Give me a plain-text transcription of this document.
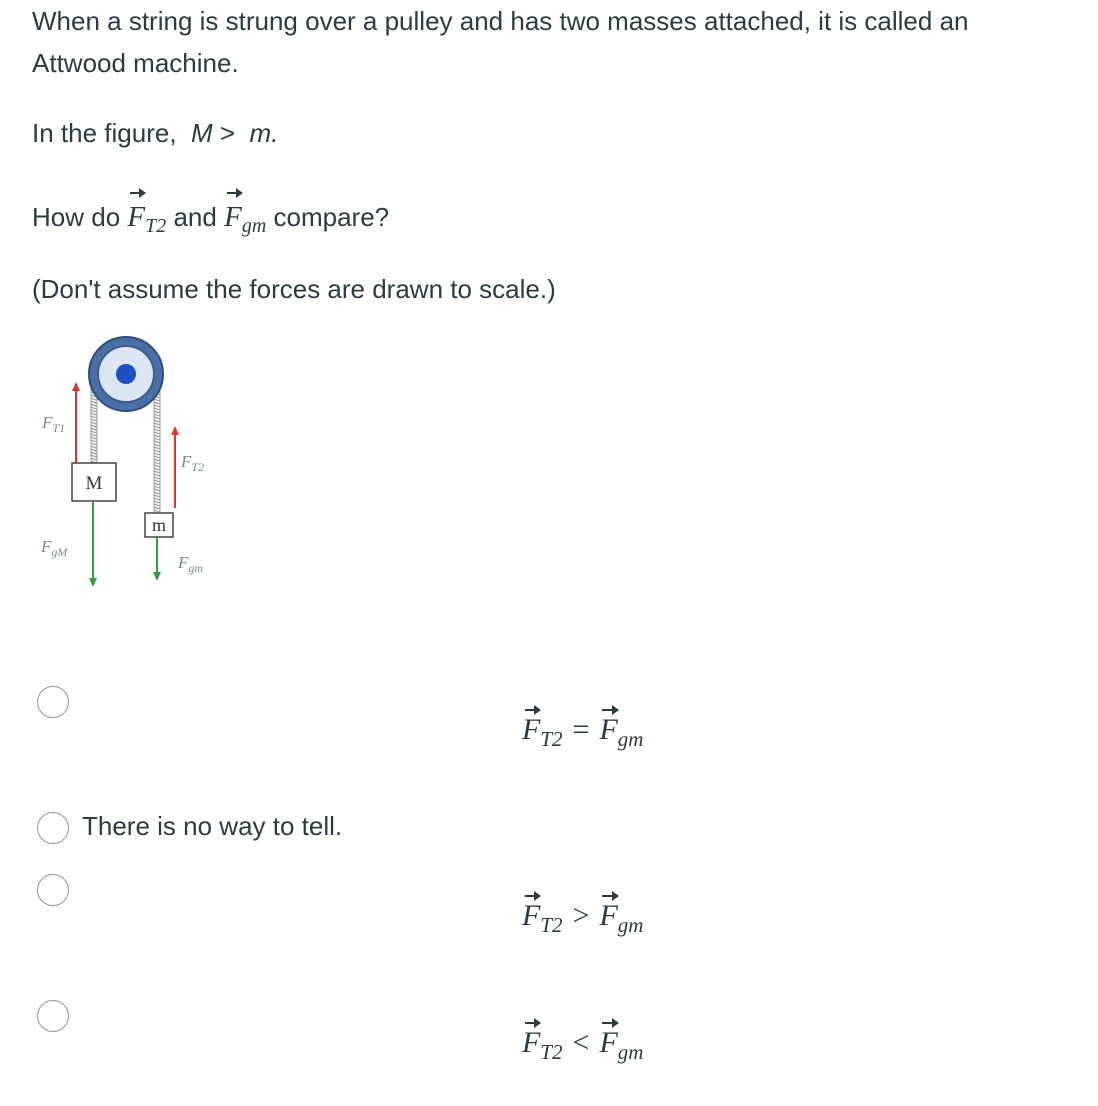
When a string is strung over a pulley and has two masses attached, it is called an
Attwood machine.
In the figure, M > m.
How do $F_{T2}$ and $F_{gm}$ compare?
(Don't assume the forces are drawn to scale.)
$F_{T1}$
M
$F_{gM}$
$F_{T2}$
m
$F_{gm}$
$F_{T2} = F_{gm}$
There is no way to tell.
$F_{T2} > F_{gm}$
$F_{T2} < F_{gm}$
